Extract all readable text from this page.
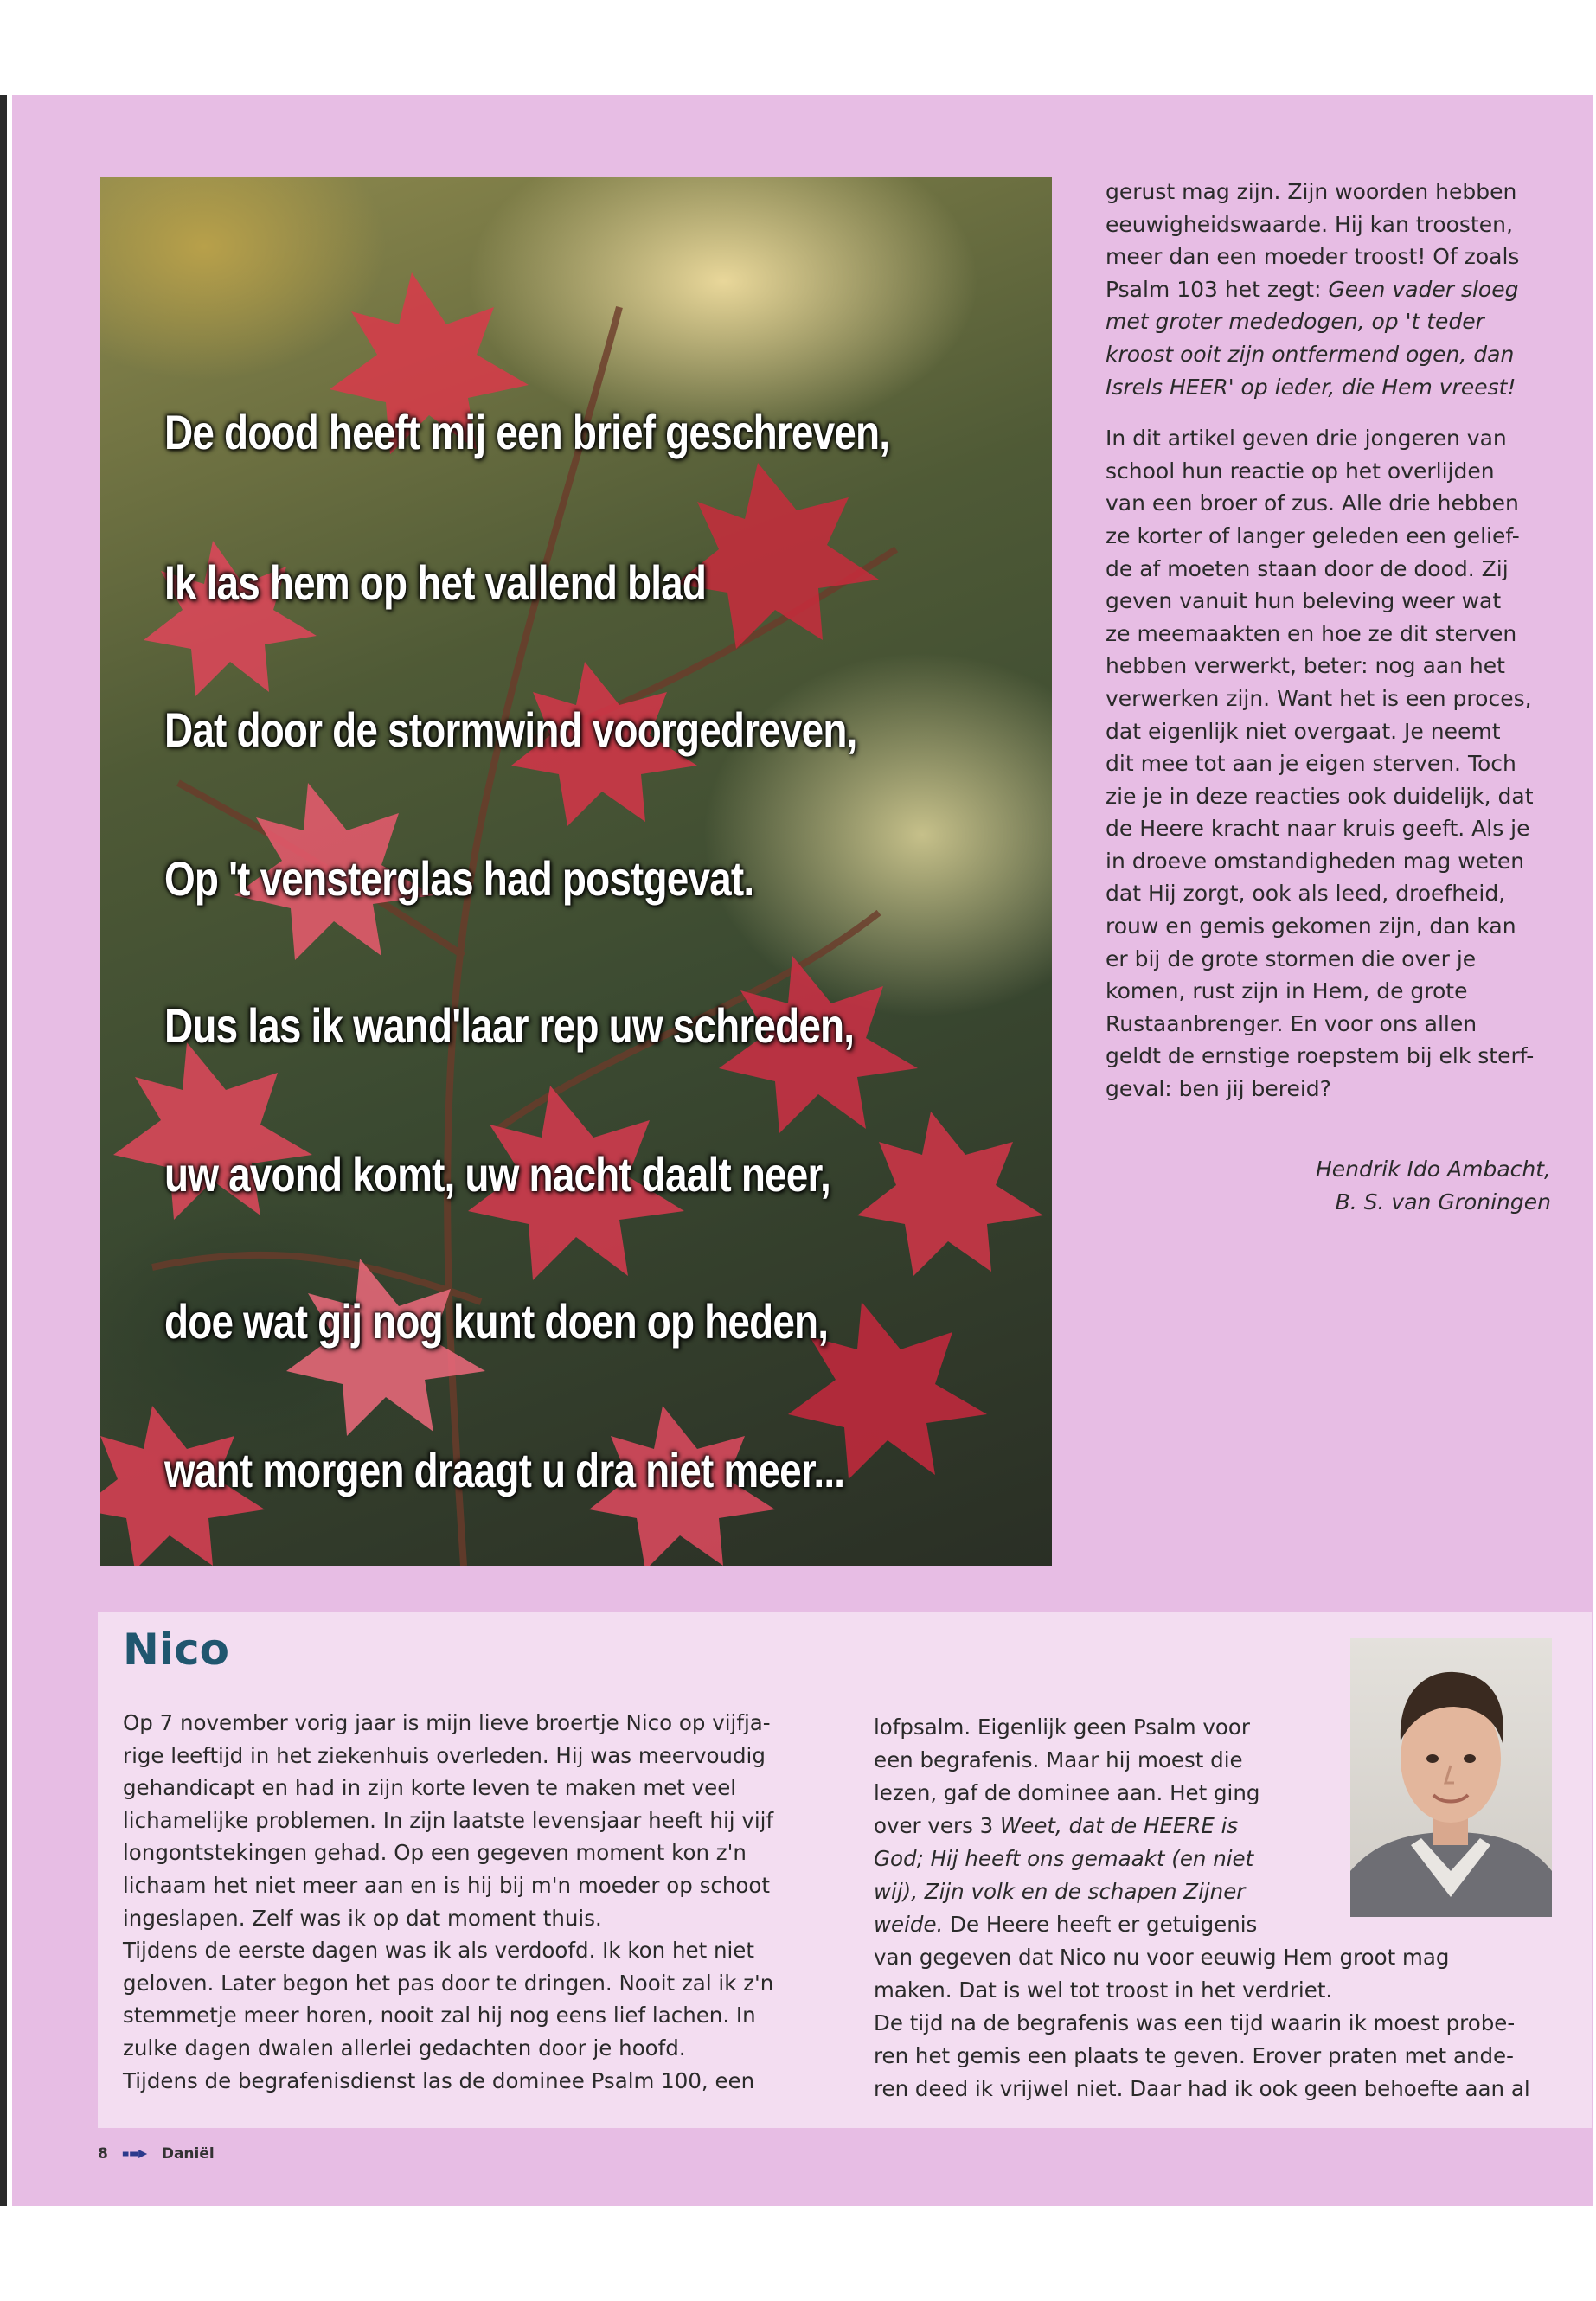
De dood heeft mij een brief geschreven,
Ik las hem op het vallend blad
Dat door de stormwind voorgedreven,
Op 't vensterglas had postgevat.
Dus las ik wand'laar rep uw schreden,
uw avond komt, uw nacht daalt neer,
doe wat gij nog kunt doen op heden,
want morgen draagt u dra niet meer...

gerust mag zijn. Zijn woorden hebben
eeuwigheidswaarde. Hij kan troosten,
meer dan een moeder troost! Of zoals
Psalm 103 het zegt: Geen vader sloeg
met groter mededogen, op 't teder
kroost ooit zijn ontfermend ogen, dan
Isrels HEER' op ieder, die Hem vreest!

In dit artikel geven drie jongeren van
school hun reactie op het overlijden
van een broer of zus. Alle drie hebben
ze korter of langer geleden een gelief-
de af moeten staan door de dood. Zij
geven vanuit hun beleving weer wat
ze meemaakten en hoe ze dit sterven
hebben verwerkt, beter: nog aan het
verwerken zijn. Want het is een proces,
dat eigenlijk niet overgaat. Je neemt
dit mee tot aan je eigen sterven. Toch
zie je in deze reacties ook duidelijk, dat
de Heere kracht naar kruis geeft. Als je
in droeve omstandigheden mag weten
dat Hij zorgt, ook als leed, droefheid,
rouw en gemis gekomen zijn, dan kan
er bij de grote stormen die over je
komen, rust zijn in Hem, de grote
Rustaanbrenger. En voor ons allen
geldt de ernstige roepstem bij elk sterf-
geval: ben jij bereid?

Hendrik Ido Ambacht,
B. S. van Groningen
Nico

Op 7 november vorig jaar is mijn lieve broertje Nico op vijfja-
rige leeftijd in het ziekenhuis overleden. Hij was meervoudig
gehandicapt en had in zijn korte leven te maken met veel
lichamelijke problemen. In zijn laatste levensjaar heeft hij vijf
longontstekingen gehad. Op een gegeven moment kon z'n
lichaam het niet meer aan en is hij bij m'n moeder op schoot
ingeslapen. Zelf was ik op dat moment thuis.
Tijdens de eerste dagen was ik als verdoofd. Ik kon het niet
geloven. Later begon het pas door te dringen. Nooit zal ik z'n
stemmetje meer horen, nooit zal hij nog eens lief lachen. In
zulke dagen dwalen allerlei gedachten door je hoofd.
Tijdens de begrafenisdienst las de dominee Psalm 100, een

lofpsalm. Eigenlijk geen Psalm voor
een begrafenis. Maar hij moest die
lezen, gaf de dominee aan. Het ging
over vers 3 Weet, dat de HEERE is
God; Hij heeft ons gemaakt (en niet
wij), Zijn volk en de schapen Zijner
weide. De Heere heeft er getuigenis
van gegeven dat Nico nu voor eeuwig Hem groot mag
maken. Dat is wel tot troost in het verdriet.
De tijd na de begrafenis was een tijd waarin ik moest probe-
ren het gemis een plaats te geven. Erover praten met ande-
ren deed ik vrijwel niet. Daar had ik ook geen behoefte aan al

8	Daniël
